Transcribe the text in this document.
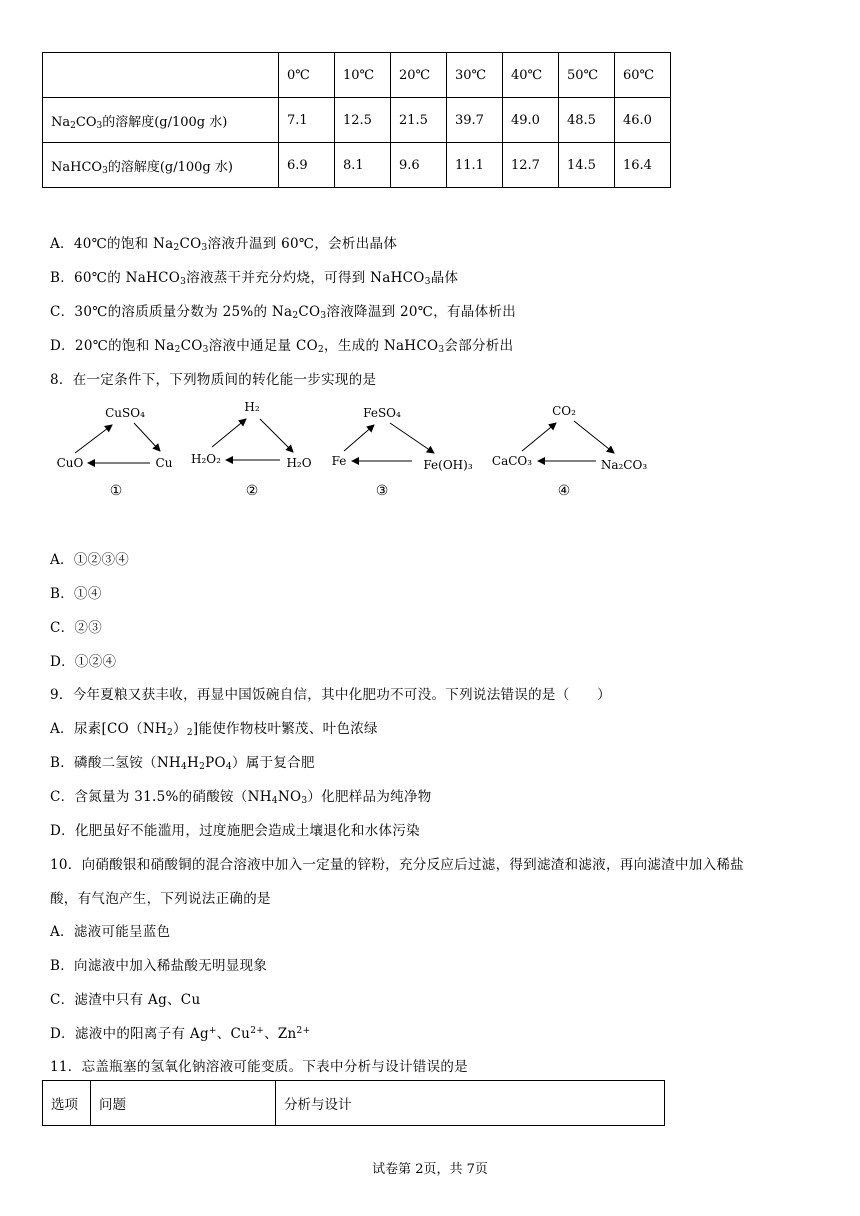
	0℃	10℃	20℃	30℃	40℃	50℃	60℃
$Na_2CO_3$的溶解度(g/100g 水)	7.1	12.5	21.5	39.7	49.0	48.5	46.0
NaHCO$_3$的溶解度(g/100g 水)	6.9	8.1	9.6	11.1	12.7	14.5	16.4
A．40℃的饱和 $Na_2CO_3$溶液升温到 60℃，会析出晶体
B．60℃的 NaHCO$_3$溶液蒸干并充分灼烧，可得到 NaHCO$_3$晶体
C．30℃的溶质质量分数为 25%的 $Na_2CO_3$溶液降温到 20℃，有晶体析出
D．20℃的饱和 $Na_2CO_3$溶液中通足量 $CO_2$，生成的 NaHCO$_3$会部分析出
8．在一定条件下，下列物质间的转化能一步实现的是
CuSO₄
CuO	Cu
①
H₂
H₂O₂	H₂O
②
FeSO₄
Fe	Fe(OH)₃
③
CO₂
CaCO₃	Na₂CO₃
④
A．①②③④
B．①④
C．②③
D．①②④
9．今年夏粮又获丰收，再显中国饭碗自信，其中化肥功不可没。下列说法错误的是（　　）
A．尿素$[CO(NH_2)_2]$能使作物枝叶繁茂、叶色浓绿
B．磷酸二氢铵$(NH_4H_2PO_4)$属于复合肥
C．含氮量为 31.5%的硝酸铵$(NH_4NO_3)$化肥样品为纯净物
D．化肥虽好不能滥用，过度施肥会造成土壤退化和水体污染
10．向硝酸银和硝酸铜的混合溶液中加入一定量的锌粉，充分反应后过滤，得到滤渣和滤液，再向滤渣中加入稀盐
酸，有气泡产生，下列说法正确的是
A．滤液可能呈蓝色
B．向滤液中加入稀盐酸无明显现象
C．滤渣中只有 Ag、Cu
D．滤液中的阳离子有 Ag+、$Cu^{2+}$、$Zn^{2+}$
11．忘盖瓶塞的氢氧化钠溶液可能变质。下表中分析与设计错误的是
选项	问题	分析与设计
试卷第 2页，共 7页
